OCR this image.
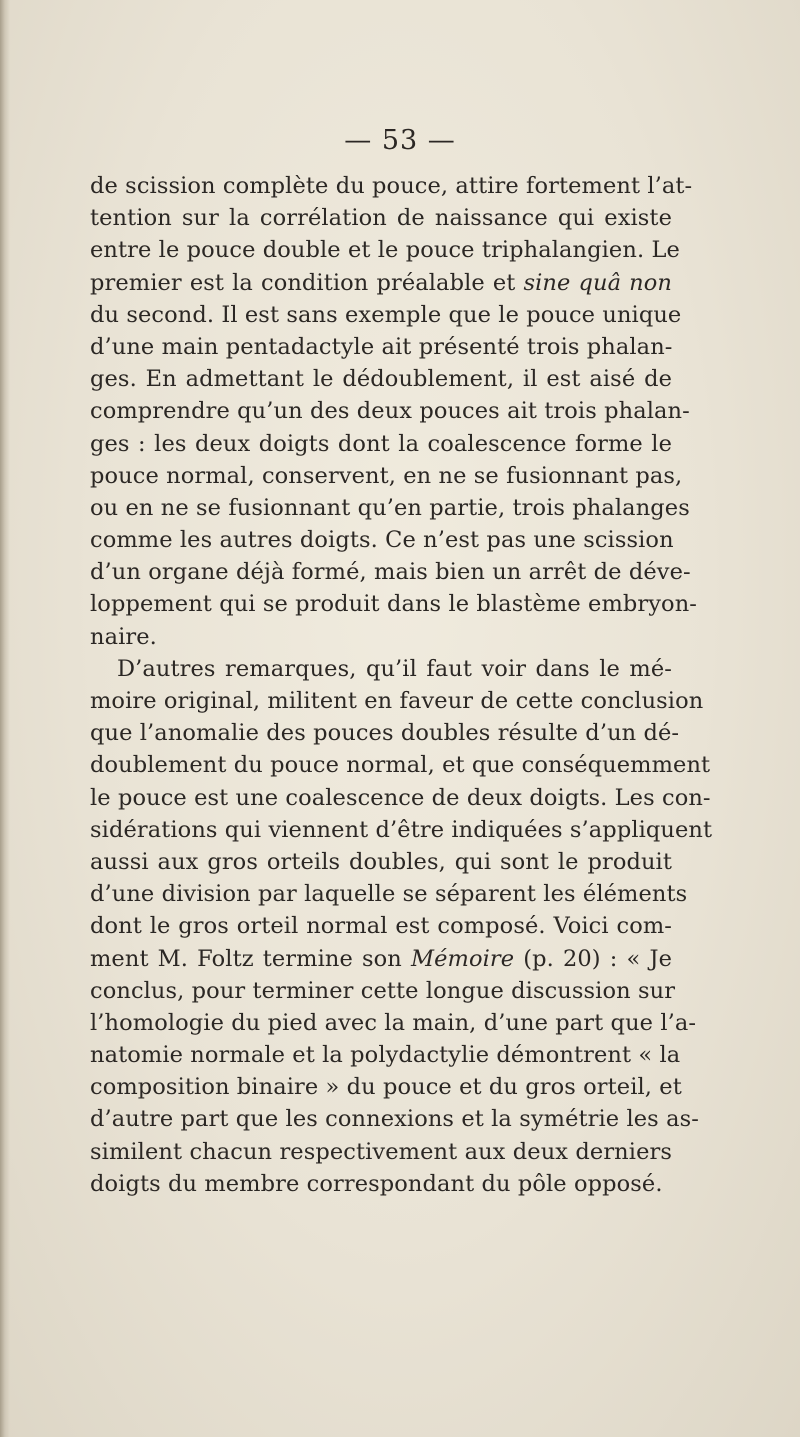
— 53 —
de scission complète du pouce, attire fortement l’at-
tention sur la corrélation de naissance qui existe
entre le pouce double et le pouce triphalangien. Le
premier est la condition préalable et sine quâ non
du second. Il est sans exemple que le pouce unique
d’une main pentadactyle ait présenté trois phalan-
ges. En admettant le dédoublement, il est aisé de
comprendre qu’un des deux pouces ait trois phalan-
ges : les deux doigts dont la coalescence forme le
pouce normal, conservent, en ne se fusionnant pas,
ou en ne se fusionnant qu’en partie, trois phalanges
comme les autres doigts. Ce n’est pas une scission
d’un organe déjà formé, mais bien un arrêt de déve-
loppement qui se produit dans le blastème embryon-
naire.
D’autres remarques, qu’il faut voir dans le mé-
moire original, militent en faveur de cette conclusion
que l’anomalie des pouces doubles résulte d’un dé-
doublement du pouce normal, et que conséquemment
le pouce est une coalescence de deux doigts. Les con-
sidérations qui viennent d’être indiquées s’appliquent
aussi aux gros orteils doubles, qui sont le produit
d’une division par laquelle se séparent les éléments
dont le gros orteil normal est composé. Voici com-
ment M. Foltz termine son Mémoire (p. 20) : « Je
conclus, pour terminer cette longue discussion sur
l’homologie du pied avec la main, d’une part que l’a-
natomie normale et la polydactylie démontrent « la
composition binaire » du pouce et du gros orteil, et
d’autre part que les connexions et la symétrie les as-
similent chacun respectivement aux deux derniers
doigts du membre correspondant du pôle opposé.
